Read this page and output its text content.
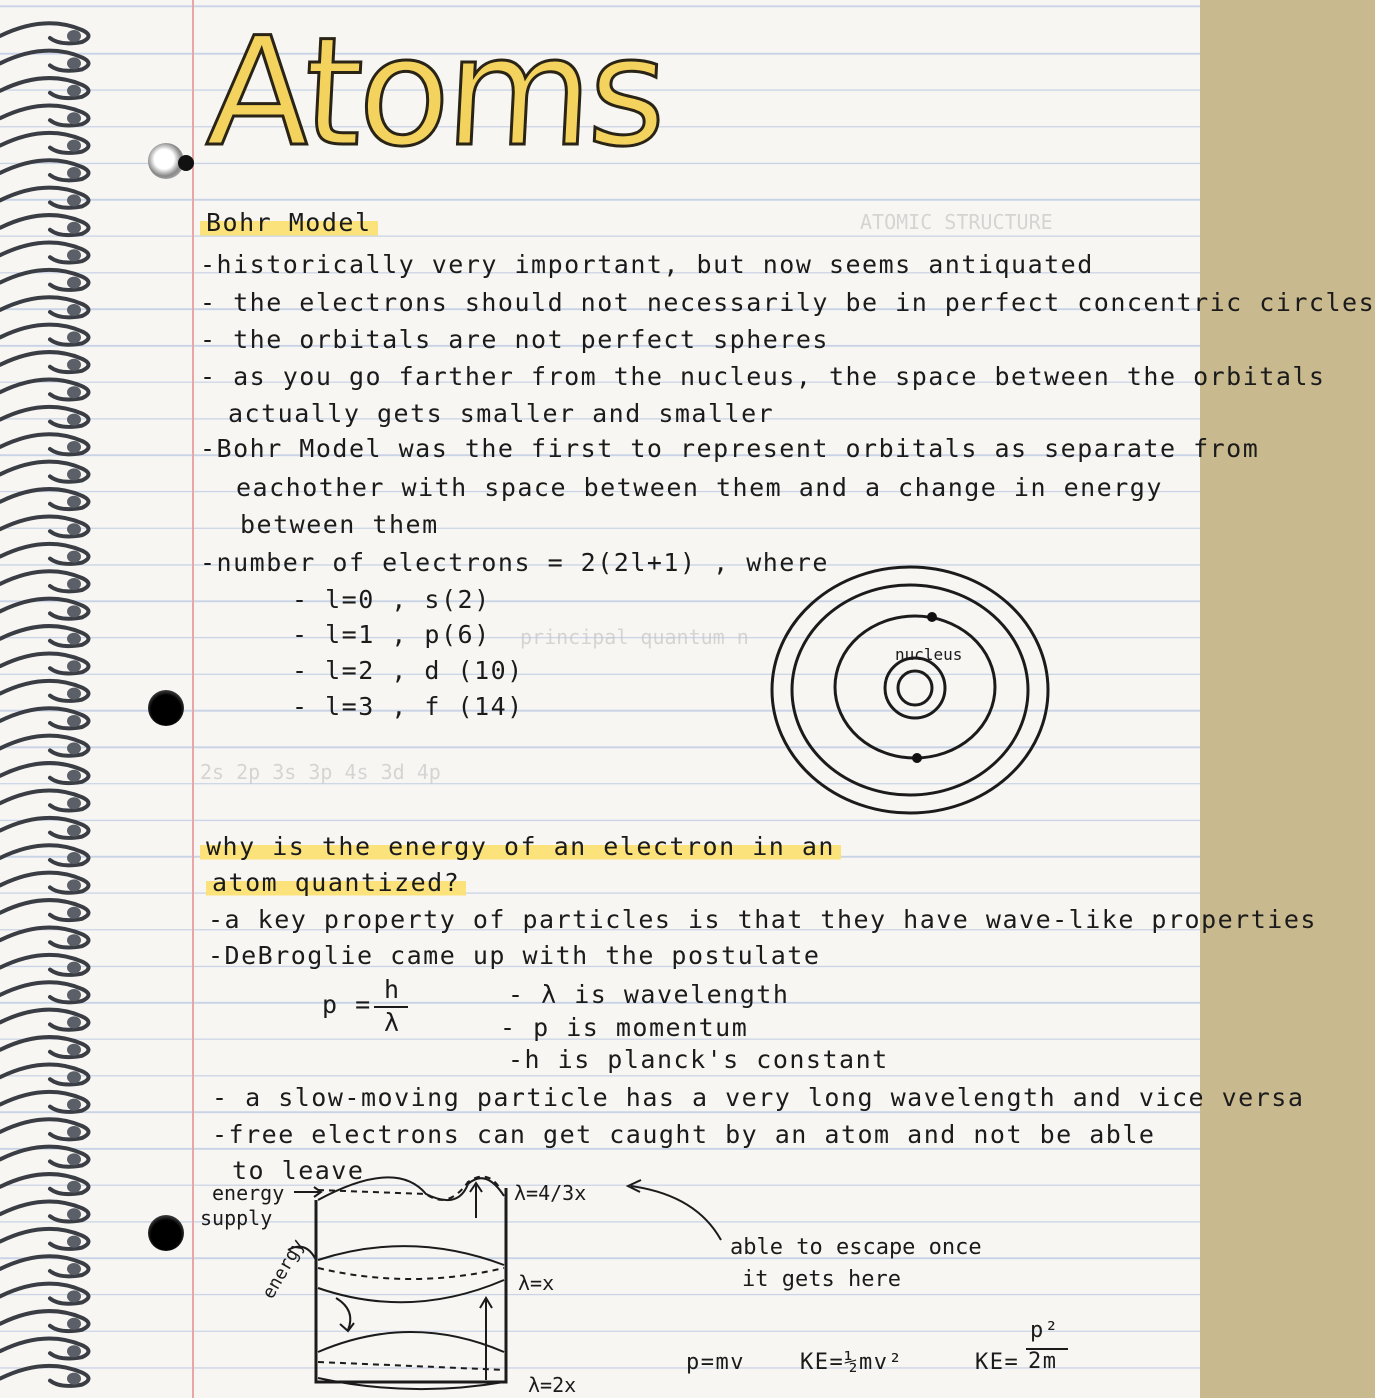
ATOMIC STRUCTURE
2s 2p 3s 3p 4s 3d 4p
principal quantum n
Atoms
Bohr Model
-historically very important, but now seems antiquated
- the electrons should not necessarily be in perfect concentric circles
- the orbitals are not perfect spheres
- as you go farther from the nucleus, the space between the orbitals
actually gets smaller and smaller
-Bohr Model was the first to represent orbitals as separate from
eachother with space between them and a change in energy
between them
-number of electrons = 2(2l+1) , where
- l=0 , s(2)
- l=1 , p(6)
- l=2 , d (10)
- l=3 , f (14)
nucleus
why is the energy of an electron in an
atom quantized?
-a key property of particles is that they have wave-like properties
-DeBroglie came up with the postulate
p =
h
λ
- λ is wavelength
- p is momentum
-h is planck's constant
- a slow-moving particle has a very long wavelength and vice versa
-free electrons can get caught by an atom and not be able
to leave
energy
supply
energy
λ=4/3x
λ=x
λ=2x
able to escape once
it gets here
p=mv	KE=½mv²	KE=
p²
2m
